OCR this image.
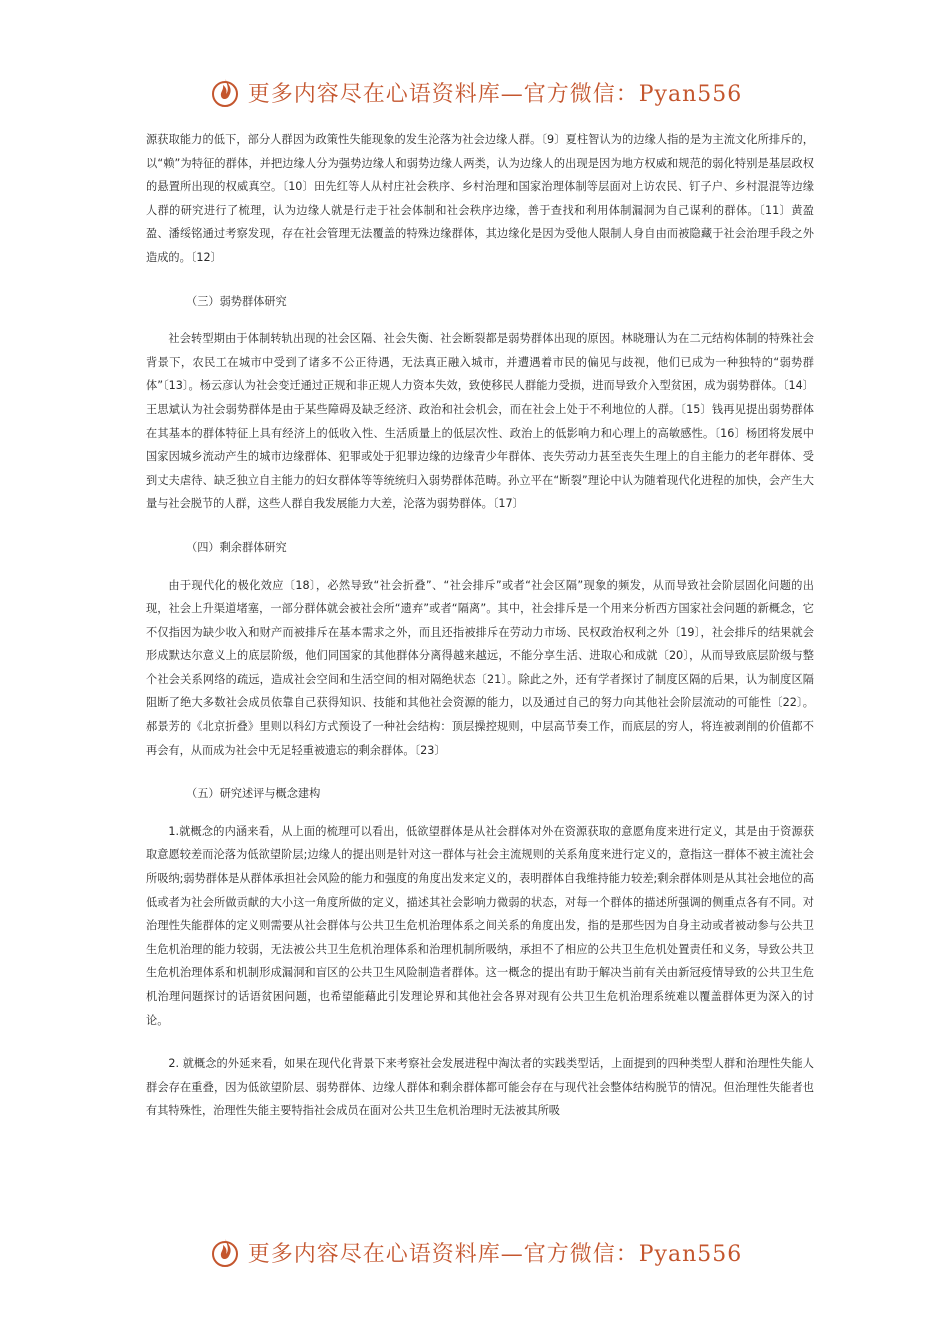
更多内容尽在心语资料库—官方微信：Pyan556

源获取能力的低下，部分人群因为政策性失能现象的发生沦落为社会边缘人群。〔9〕夏柱智认为的边缘人指的是为主流文化所排斥的，以“赖”为特征的群体，并把边缘人分为强势边缘人和弱势边缘人两类，认为边缘人的出现是因为地方权威和规范的弱化特别是基层政权的悬置所出现的权威真空。〔10〕田先红等人从村庄社会秩序、乡村治理和国家治理体制等层面对上访农民、钉子户、乡村混混等边缘人群的研究进行了梳理，认为边缘人就是行走于社会体制和社会秩序边缘，善于查找和利用体制漏洞为自己谋利的群体。〔11〕黄盈盈、潘绥铭通过考察发现，存在社会管理无法覆盖的特殊边缘群体，其边缘化是因为受他人限制人身自由而被隐藏于社会治理手段之外造成的。〔12〕

（三）弱势群体研究

社会转型期由于体制转轨出现的社会区隔、社会失衡、社会断裂都是弱势群体出现的原因。林晓珊认为在二元结构体制的特殊社会背景下，农民工在城市中受到了诸多不公正待遇，无法真正融入城市，并遭遇着市民的偏见与歧视，他们已成为一种独特的“弱势群体”〔13〕。杨云彦认为社会变迁通过正规和非正规人力资本失效，致使移民人群能力受损，进而导致介入型贫困，成为弱势群体。〔14〕王思斌认为社会弱势群体是由于某些障碍及缺乏经济、政治和社会机会，而在社会上处于不利地位的人群。〔15〕钱再见提出弱势群体在其基本的群体特征上具有经济上的低收入性、生活质量上的低层次性、政治上的低影响力和心理上的高敏感性。〔16〕杨团将发展中国家因城乡流动产生的城市边缘群体、犯罪或处于犯罪边缘的边缘青少年群体、丧失劳动力甚至丧失生理上的自主能力的老年群体、受到丈夫虐待、缺乏独立自主能力的妇女群体等等统统归入弱势群体范畴。孙立平在“断裂”理论中认为随着现代化进程的加快，会产生大量与社会脱节的人群，这些人群自我发展能力大差，沦落为弱势群体。〔17〕

（四）剩余群体研究

由于现代化的极化效应〔18〕，必然导致“社会折叠”、“社会排斥”或者“社会区隔”现象的频发，从而导致社会阶层固化问题的出现，社会上升渠道堵塞，一部分群体就会被社会所“遗弃”或者“隔离”。其中，社会排斥是一个用来分析西方国家社会问题的新概念，它不仅指因为缺少收入和财产而被排斥在基本需求之外，而且还指被排斥在劳动力市场、民权政治权利之外〔19〕，社会排斥的结果就会形成默达尔意义上的底层阶级，他们同国家的其他群体分离得越来越远，不能分享生活、进取心和成就〔20〕，从而导致底层阶级与整个社会关系网络的疏远，造成社会空间和生活空间的相对隔绝状态〔21〕。除此之外，还有学者探讨了制度区隔的后果，认为制度区隔阻断了绝大多数社会成员依靠自己获得知识、技能和其他社会资源的能力，以及通过自己的努力向其他社会阶层流动的可能性〔22〕。郝景芳的《北京折叠》里则以科幻方式预设了一种社会结构：顶层操控规则，中层高节奏工作，而底层的穷人，将连被剥削的价值都不再会有，从而成为社会中无足轻重被遗忘的剩余群体。〔23〕

（五）研究述评与概念建构

1.就概念的内涵来看，从上面的梳理可以看出，低欲望群体是从社会群体对外在资源获取的意愿角度来进行定义，其是由于资源获取意愿较差而沦落为低欲望阶层;边缘人的提出则是针对这一群体与社会主流规则的关系角度来进行定义的，意指这一群体不被主流社会所吸纳;弱势群体是从群体承担社会风险的能力和强度的角度出发来定义的，表明群体自我维持能力较差;剩余群体则是从其社会地位的高低或者为社会所做贡献的大小这一角度所做的定义，描述其社会影响力微弱的状态，对每一个群体的描述所强调的侧重点各有不同。对治理性失能群体的定义则需要从社会群体与公共卫生危机治理体系之间关系的角度出发，指的是那些因为自身主动或者被动参与公共卫生危机治理的能力较弱，无法被公共卫生危机治理体系和治理机制所吸纳，承担不了相应的公共卫生危机处置责任和义务，导致公共卫生危机治理体系和机制形成漏洞和盲区的公共卫生风险制造者群体。这一概念的提出有助于解决当前有关由新冠疫情导致的公共卫生危机治理问题探讨的话语贫困问题，也希望能藉此引发理论界和其他社会各界对现有公共卫生危机治理系统难以覆盖群体更为深入的讨论。

2. 就概念的外延来看，如果在现代化背景下来考察社会发展进程中淘汰者的实践类型话，上面提到的四种类型人群和治理性失能人群会存在重叠，因为低欲望阶层、弱势群体、边缘人群体和剩余群体都可能会存在与现代社会整体结构脱节的情况。但治理性失能者也有其特殊性，治理性失能主要特指社会成员在面对公共卫生危机治理时无法被其所吸

更多内容尽在心语资料库—官方微信：Pyan556
